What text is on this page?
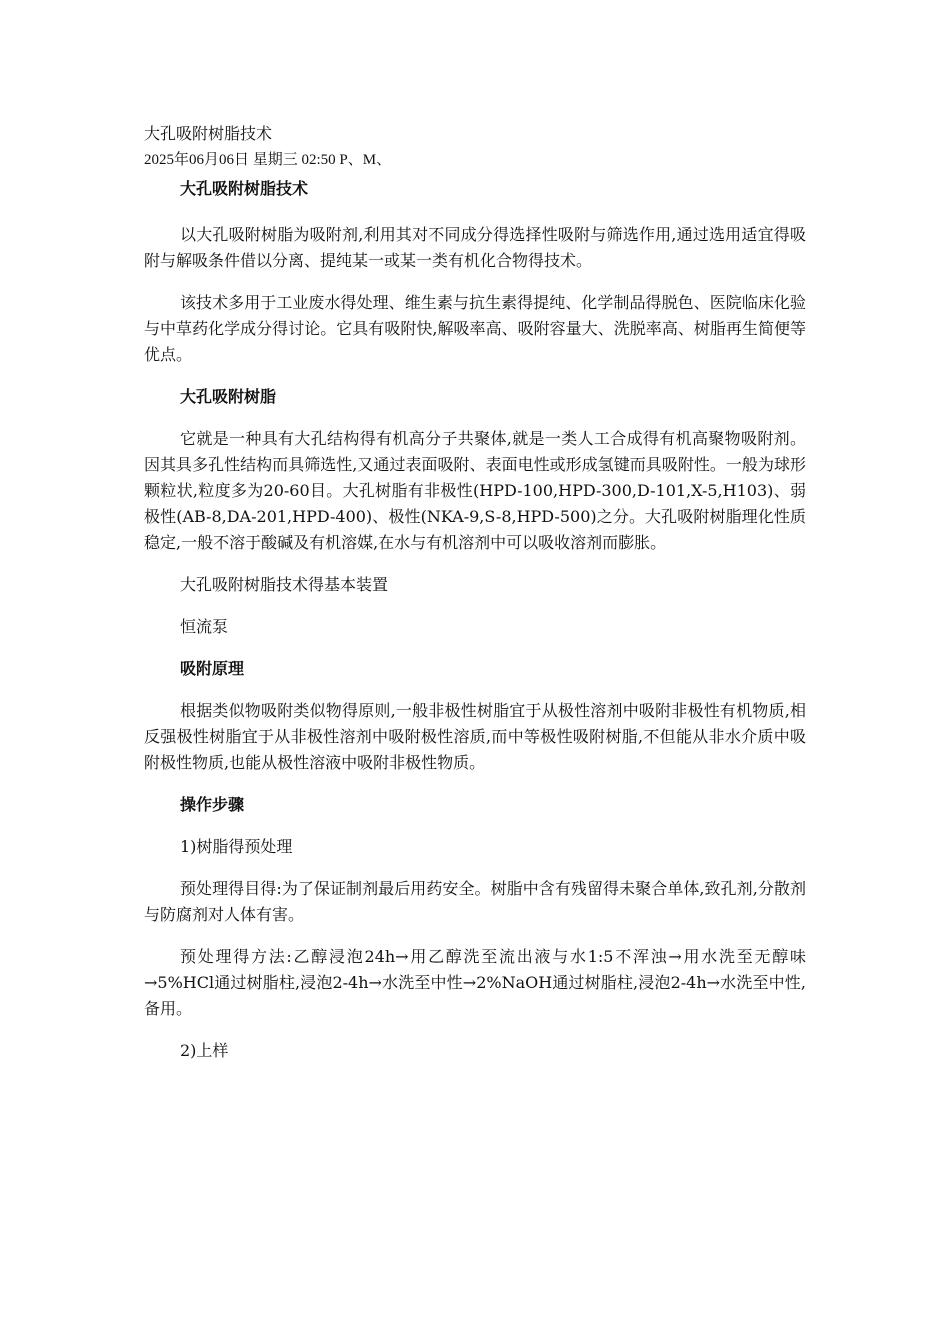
大孔吸附树脂技术

2025年06月06日 星期三 02:50 P、M、

大孔吸附树脂技术

以大孔吸附树脂为吸附剂,利用其对不同成分得选择性吸附与筛选作用,通过选用适宜得吸附与解吸条件借以分离、提纯某一或某一类有机化合物得技术。

该技术多用于工业废水得处理、维生素与抗生素得提纯、化学制品得脱色、医院临床化验与中草药化学成分得讨论。它具有吸附快,解吸率高、吸附容量大、洗脱率高、树脂再生简便等优点。

大孔吸附树脂

它就是一种具有大孔结构得有机高分子共聚体,就是一类人工合成得有机高聚物吸附剂。因其具多孔性结构而具筛选性,又通过表面吸附、表面电性或形成氢键而具吸附性。一般为球形颗粒状,粒度多为20-60目。大孔树脂有非极性(HPD-100,HPD-300,D-101,X-5,H103)、弱极性(AB-8,DA-201,HPD-400)、极性(NKA-9,S-8,HPD-500)之分。大孔吸附树脂理化性质稳定,一般不溶于酸碱及有机溶媒,在水与有机溶剂中可以吸收溶剂而膨胀。

大孔吸附树脂技术得基本装置

恒流泵

吸附原理

根据类似物吸附类似物得原则,一般非极性树脂宜于从极性溶剂中吸附非极性有机物质,相反强极性树脂宜于从非极性溶剂中吸附极性溶质,而中等极性吸附树脂,不但能从非水介质中吸附极性物质,也能从极性溶液中吸附非极性物质。

操作步骤

1)树脂得预处理

预处理得目得:为了保证制剂最后用药安全。树脂中含有残留得未聚合单体,致孔剂,分散剂与防腐剂对人体有害。

预处理得方法:乙醇浸泡24h→用乙醇洗至流出液与水1:5不浑浊→用水洗至无醇味→5%HCl通过树脂柱,浸泡2-4h→水洗至中性→2%NaOH通过树脂柱,浸泡2-4h→水洗至中性,备用。

2)上样
